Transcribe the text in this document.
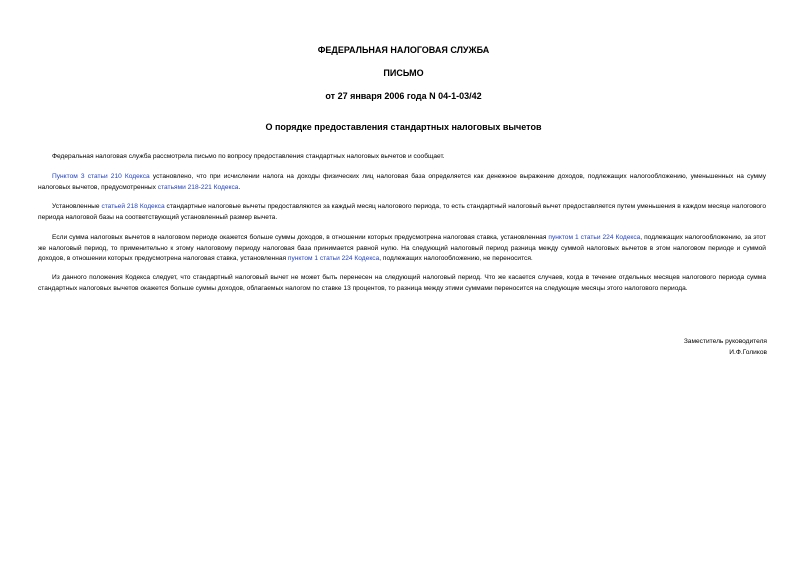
ФЕДЕРАЛЬНАЯ НАЛОГОВАЯ СЛУЖБА
ПИСЬМО
от 27 января 2006 года N 04-1-03/42
О порядке предоставления стандартных налоговых вычетов
Федеральная налоговая служба рассмотрела письмо по вопросу предоставления стандартных налоговых вычетов и сообщает.
Пунктом 3 статьи 210 Кодекса установлено, что при исчислении налога на доходы физических лиц налоговая база определяется как денежное выражение доходов, подлежащих налогообложению, уменьшенных на сумму налоговых вычетов, предусмотренных статьями 218-221 Кодекса.
Установленные статьей 218 Кодекса стандартные налоговые вычеты предоставляются за каждый месяц налогового периода, то есть стандартный налоговый вычет предоставляется путем уменьшения в каждом месяце налогового периода налоговой базы на соответствующий установленный размер вычета.
Если сумма налоговых вычетов в налоговом периоде окажется больше суммы доходов, в отношении которых предусмотрена налоговая ставка, установленная пунктом 1 статьи 224 Кодекса, подлежащих налогообложению, за этот же налоговый период, то применительно к этому налоговому периоду налоговая база принимается равной нулю. На следующий налоговый период разница между суммой налоговых вычетов в этом налоговом периоде и суммой доходов, в отношении которых предусмотрена налоговая ставка, установленная пунктом 1 статьи 224 Кодекса, подлежащих налогообложению, не переносится.
Из данного положения Кодекса следует, что стандартный налоговый вычет не может быть перенесен на следующий налоговый период. Что же касается случаев, когда в течение отдельных месяцев налогового периода сумма стандартных налоговых вычетов окажется больше суммы доходов, облагаемых налогом по ставке 13 процентов, то разница между этими суммами переносится на следующие месяцы этого налогового периода.
Заместитель руководителя
И.Ф.Голиков
